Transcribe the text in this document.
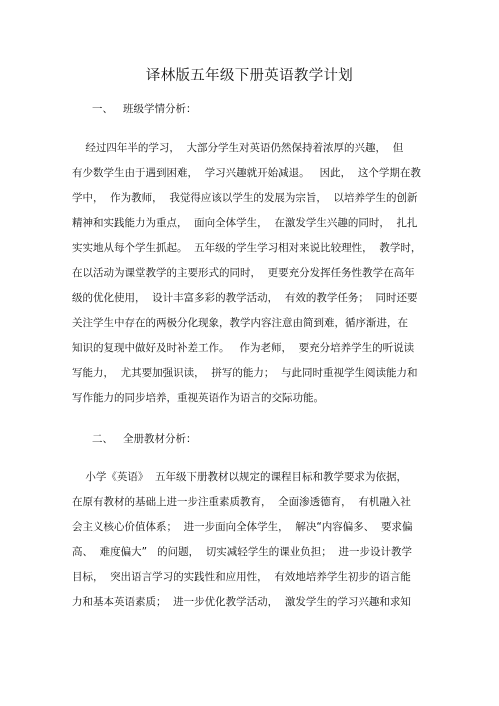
译林版五年级下册英语教学计划
一、   班级学情分析：
经过四年半的学习，  大部分学生对英语仍然保持着浓厚的兴趣，  但
有少数学生由于遇到困难，  学习兴趣就开始减退。   因此，  这个学期在教
学中，  作为教师，  我觉得应该以学生的发展为宗旨，  以培养学生的创新
精神和实践能力为重点，  面向全体学生，  在激发学生兴趣的同时，  扎扎
实实地从每个学生抓起。  五年级的学生学习相对来说比较理性，  教学时，
在以活动为课堂教学的主要形式的同时，  更要充分发挥任务性教学在高年
级的优化使用，  设计丰富多彩的教学活动，  有效的教学任务；  同时还要
关注学生中存在的两极分化现象，教学内容注意由简到难，循序渐进，在
知识的复现中做好及时补差工作。   作为老师，  要充分培养学生的听说读
写能力，  尤其要加强识读，  拼写的能力；  与此同时重视学生阅读能力和
写作能力的同步培养，重视英语作为语言的交际功能。
二、   全册教材分析：
小学《英语》  五年级下册教材以规定的课程目标和教学要求为依据，
在原有教材的基础上进一步注重素质教育，  全面渗透德育，  有机融入社
会主义核心价值体系；  进一步面向全体学生，  解决“内容偏多、  要求偏
高、  难度偏大”   的问题，  切实减轻学生的课业负担；  进一步设计教学
目标，  突出语言学习的实践性和应用性，  有效地培养学生初步的语言能
力和基本英语素质；  进一步优化教学活动，  激发学生的学习兴趣和求知
